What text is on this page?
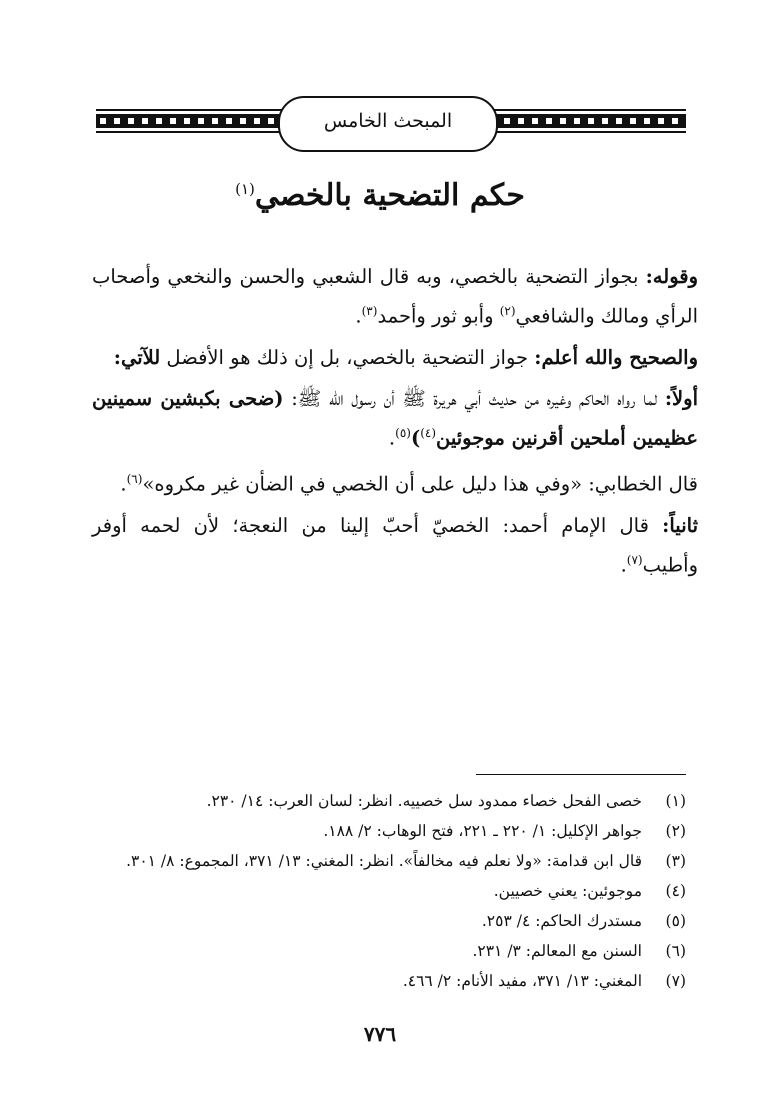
المبحث الخامس
حكم التضحية بالخصي$^{(١)}$

وقوله: بجواز التضحية بالخصي، وبه قال الشعبي والحسن والنخعي وأصحاب الرأي ومالك والشافعي$^{(٢)}$ وأبو ثور وأحمد$^{(٣)}$.

والصحيح والله أعلم: جواز التضحية بالخصي، بل إن ذلك هو الأفضل للآتي:

أولاً: لما رواه الحاكم وغيره من حديث أبي هريرة ﷺ أن رسول الله ﷺ: (ضحى بكبشين سمينين عظيمين أملحين أقرنين موجوئين$^{(٤)}$)$^{(٥)}$.

قال الخطابي: «وفي هذا دليل على أن الخصي في الضأن غير مكروه»$^{(٦)}$.

ثانياً: قال الإمام أحمد: الخصيّ أحبّ إلينا من النعجة؛ لأن لحمه أوفر وأطيب$^{(٧)}$.

(١)
خصى الفحل خصاء ممدود سل خصييه. انظر: لسان العرب: ١٤/ ٢٣٠.
(٢)
جواهر الإكليل: ١/ ٢٢٠ ـ ٢٢١، فتح الوهاب: ٢/ ١٨٨.
(٣)
قال ابن قدامة: «ولا نعلم فيه مخالفاً». انظر: المغني: ١٣/ ٣٧١، المجموع: ٨/ ٣٠١.
(٤)
موجوئين: يعني خصيين.
(٥)
مستدرك الحاكم: ٤/ ٢٥٣.
(٦)
السنن مع المعالم: ٣/ ٢٣١.
(٧)
المغني: ١٣/ ٣٧١، مفيد الأنام: ٢/ ٤٦٦.
٧٧٦
